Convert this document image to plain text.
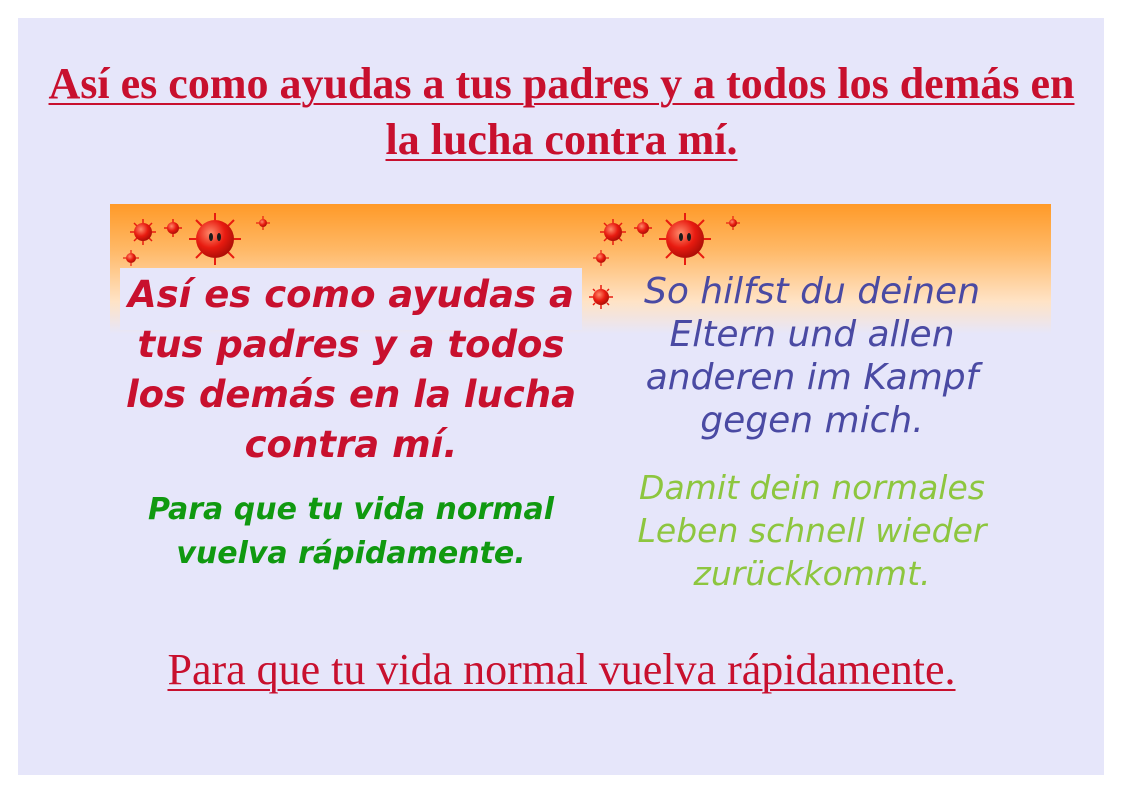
Así es como ayudas a tus padres y a todos los demás en
la lucha contra mí.

Así es como ayudas a tus padres y a todos los demás en la lucha contra mí.

Para que tu vida normal vuelva rápidamente.

So hilfst du deinen Eltern und allen anderen im Kampf gegen mich.

Damit dein normales Leben schnell wieder zurückkommt.

Para que tu vida normal vuelva rápidamente.
